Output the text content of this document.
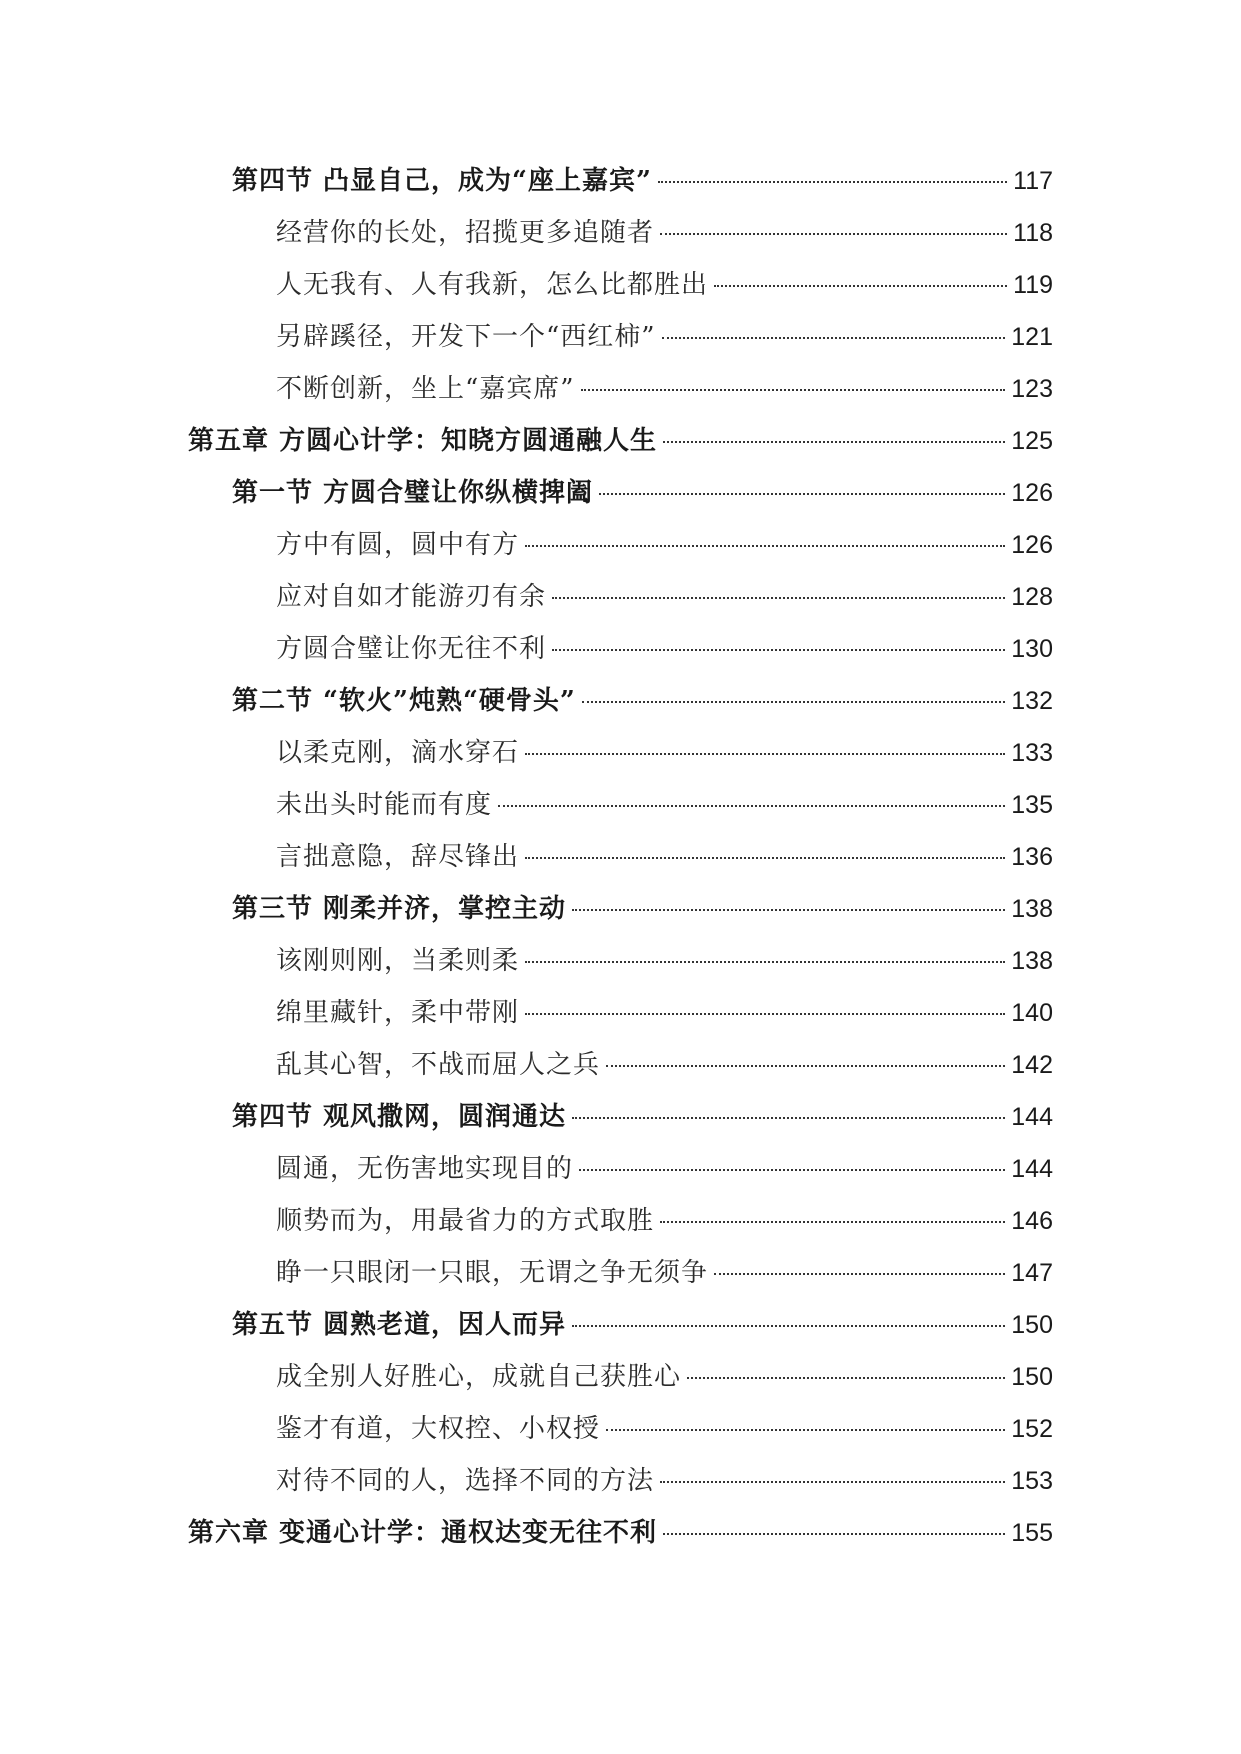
第四节 凸显自己，成为“座上嘉宾”	117
经营你的长处，招揽更多追随者	118
人无我有、人有我新，怎么比都胜出	119
另辟蹊径，开发下一个“西红柿”	121
不断创新，坐上“嘉宾席”	123
第五章 方圆心计学：知晓方圆通融人生	125
第一节 方圆合璧让你纵横捭阖	126
方中有圆，圆中有方	126
应对自如才能游刃有余	128
方圆合璧让你无往不利	130
第二节 “软火”炖熟“硬骨头”	132
以柔克刚，滴水穿石	133
未出头时能而有度	135
言拙意隐，辞尽锋出	136
第三节 刚柔并济，掌控主动	138
该刚则刚，当柔则柔	138
绵里藏针，柔中带刚	140
乱其心智，不战而屈人之兵	142
第四节 观风撒网，圆润通达	144
圆通，无伤害地实现目的	144
顺势而为，用最省力的方式取胜	146
睁一只眼闭一只眼，无谓之争无须争	147
第五节 圆熟老道，因人而异	150
成全别人好胜心，成就自己获胜心	150
鉴才有道，大权控、小权授	152
对待不同的人，选择不同的方法	153
第六章 变通心计学：通权达变无往不利	155
